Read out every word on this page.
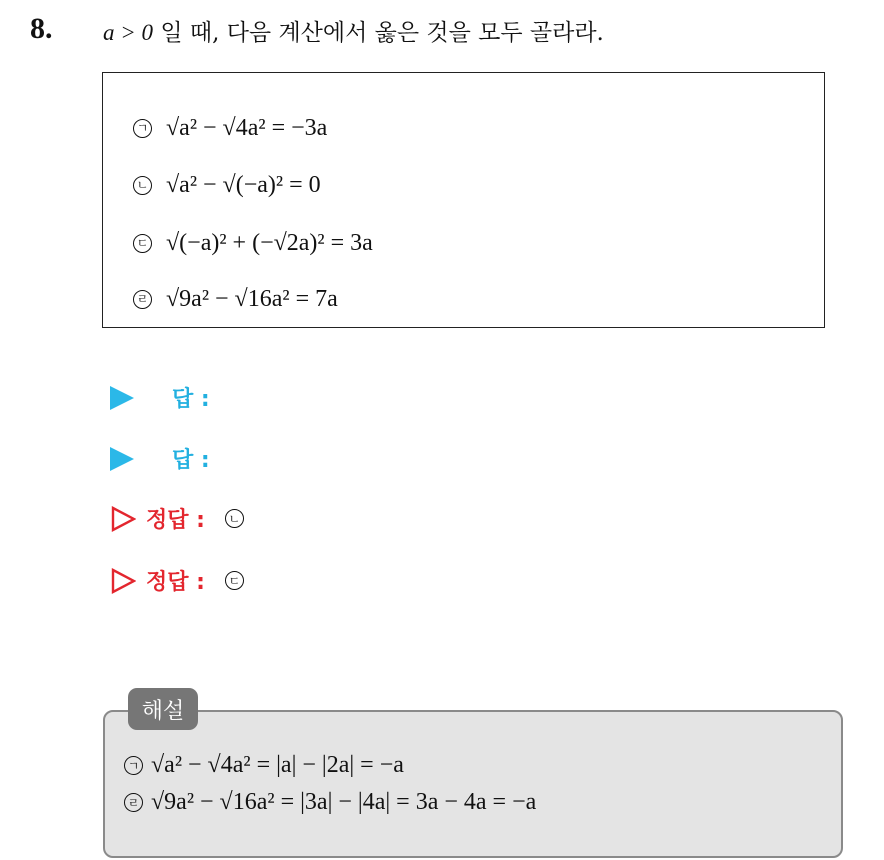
8. a > 0 일 때, 다음 계산에서 옳은 것을 모두 골라라.
ㄱ √a² − √4a² = −3a
ㄴ √a² − √(−a)² = 0
ㄷ √(−a)² + (−√2a)² = 3a
ㄹ √9a² − √16a² = 7a
답 :
답 :
정답 :	ㄴ
정답 :	ㄷ
해설
ㄱ √a² − √4a² = |a| − |2a| = −a
ㄹ √9a² − √16a² = |3a| − |4a| = 3a − 4a = −a
